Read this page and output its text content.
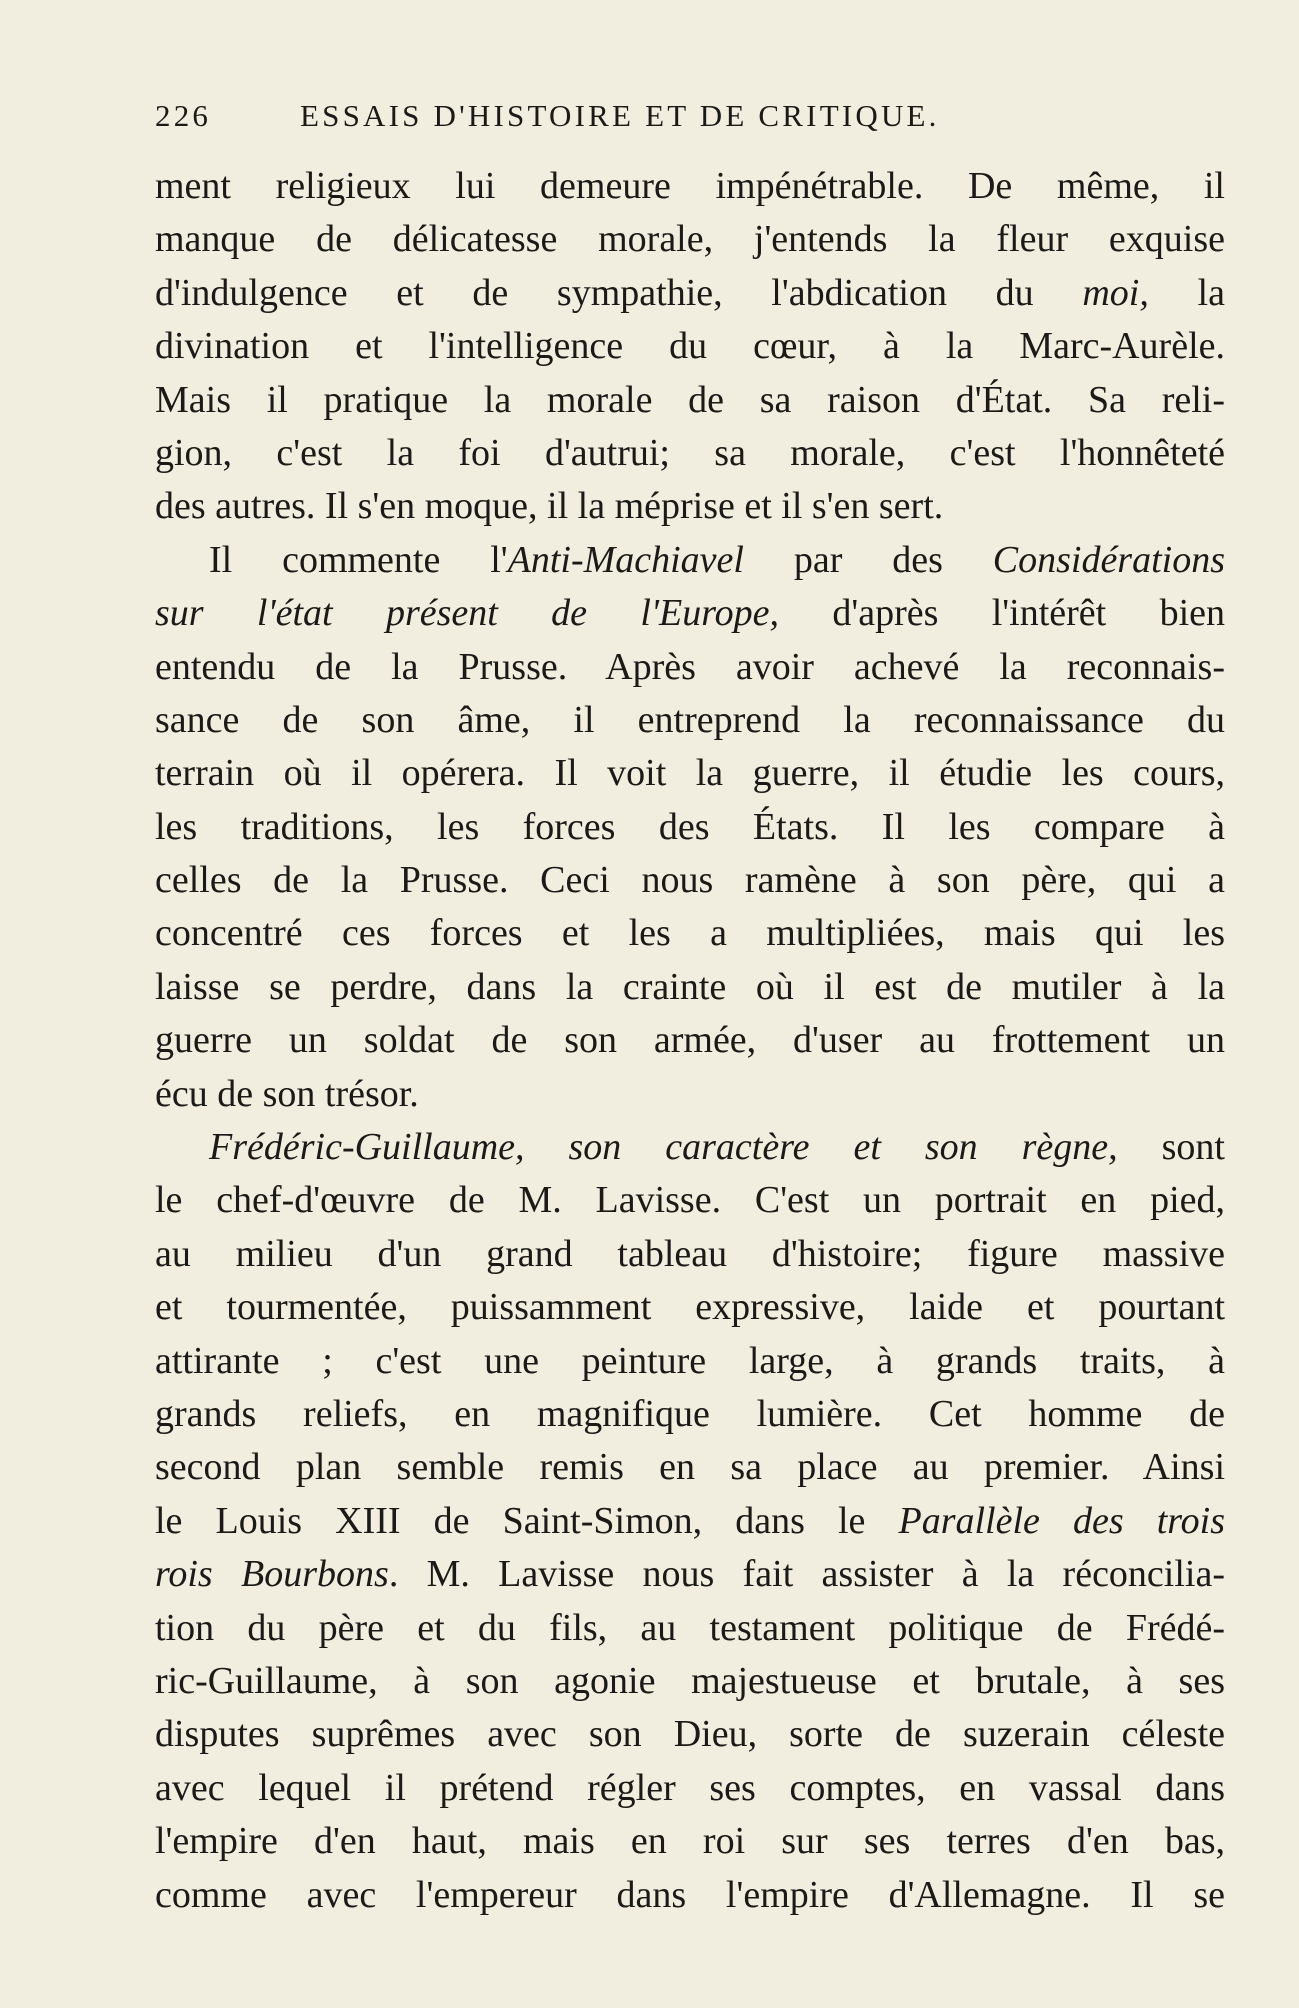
226	ESSAIS D'HISTOIRE ET DE CRITIQUE.
ment religieux lui demeure impénétrable. De même, il
manque de délicatesse morale, j'entends la fleur exquise
d'indulgence et de sympathie, l'abdication du moi, la
divination et l'intelligence du cœur, à la Marc-Aurèle.
Mais il pratique la morale de sa raison d'État. Sa reli-
gion, c'est la foi d'autrui; sa morale, c'est l'honnêteté
des autres. Il s'en moque, il la méprise et il s'en sert.
Il commente l'Anti-Machiavel par des Considérations
sur l'état présent de l'Europe, d'après l'intérêt bien
entendu de la Prusse. Après avoir achevé la reconnais-
sance de son âme, il entreprend la reconnaissance du
terrain où il opérera. Il voit la guerre, il étudie les cours,
les traditions, les forces des États. Il les compare à
celles de la Prusse. Ceci nous ramène à son père, qui a
concentré ces forces et les a multipliées, mais qui les
laisse se perdre, dans la crainte où il est de mutiler à la
guerre un soldat de son armée, d'user au frottement un
écu de son trésor.
Frédéric-Guillaume, son caractère et son règne, sont
le chef-d'œuvre de M. Lavisse. C'est un portrait en pied,
au milieu d'un grand tableau d'histoire; figure massive
et tourmentée, puissamment expressive, laide et pourtant
attirante ; c'est une peinture large, à grands traits, à
grands reliefs, en magnifique lumière. Cet homme de
second plan semble remis en sa place au premier. Ainsi
le Louis XIII de Saint-Simon, dans le Parallèle des trois
rois Bourbons. M. Lavisse nous fait assister à la réconcilia-
tion du père et du fils, au testament politique de Frédé-
ric-Guillaume, à son agonie majestueuse et brutale, à ses
disputes suprêmes avec son Dieu, sorte de suzerain céleste
avec lequel il prétend régler ses comptes, en vassal dans
l'empire d'en haut, mais en roi sur ses terres d'en bas,
comme avec l'empereur dans l'empire d'Allemagne. Il se
